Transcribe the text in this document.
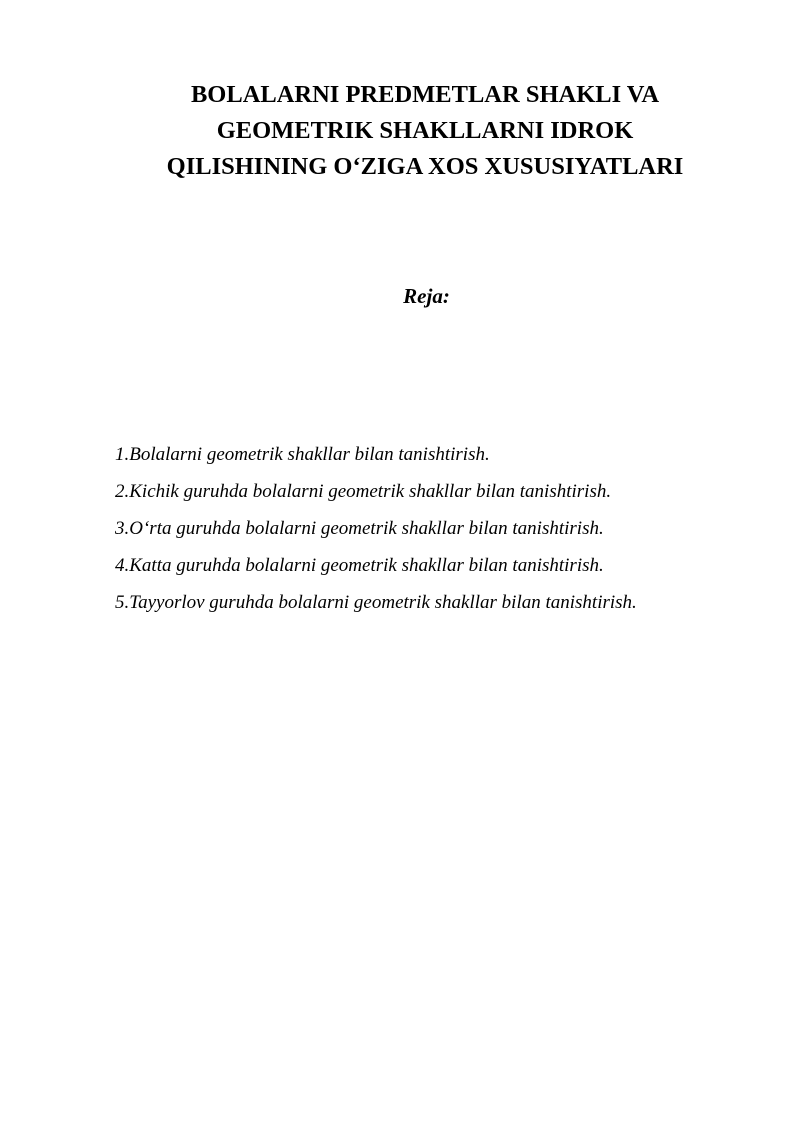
BOLALARNI PREDMETLAR SHAKLI VA
GEOMETRIK SHAKLLARNI IDROK
QILISHINING O‘ZIGA XOS XUSUSIYATLARI
Reja:
1.Bolalarni geometrik shakllar bilan tanishtirish.
2.Kichik guruhda bolalarni geometrik shakllar bilan tanishtirish.
3.O‘rta guruhda bolalarni geometrik shakllar bilan tanishtirish.
4.Katta guruhda bolalarni geometrik shakllar bilan tanishtirish.
5.Tayyorlov guruhda bolalarni geometrik shakllar bilan tanishtirish.
